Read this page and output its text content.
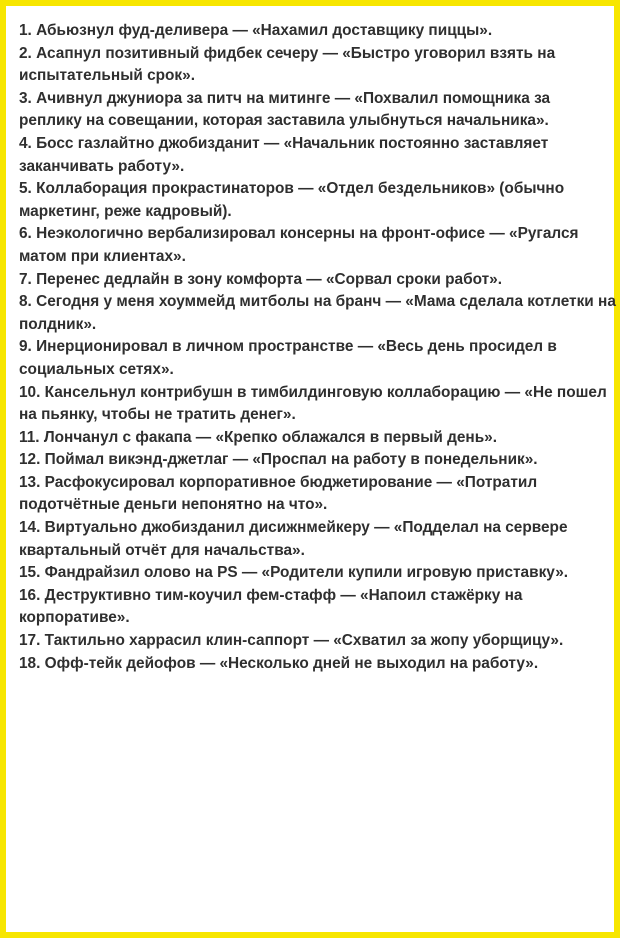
1. Абьюзнул фуд-деливера — «Нахамил доставщику пиццы».

2. Асапнул позитивный фидбек сечеру — «Быстро уговорил взять на испытательный срок».

3. Ачивнул джуниора за питч на митинге — «Похвалил помощника за реплику на совещании, которая заставила улыбнуться начальника».

4. Босс газлайтно джобизданит — «Начальник постоянно заставляет заканчивать работу».

5. Коллаборация прокрастинаторов — «Отдел бездельников» (обычно маркетинг, реже кадровый).

6. Неэкологично вербализировал консерны на фронт-офисе — «Ругался матом при клиентах».

7. Перенес дедлайн в зону комфорта — «Сорвал сроки работ».

8. Сегодня у меня хоуммейд митболы на бранч — «Мама сделала котлетки на полдник».

9. Инерционировал в личном пространстве — «Весь день просидел в социальных сетях».

10. Кансельнул контрибушн в тимбилдинговую коллаборацию — «Не пошел на пьянку, чтобы не тратить денег».

11. Лончанул с факапа — «Крепко облажался в первый день».

12. Поймал викэнд-джетлаг — «Проспал на работу в понедельник».

13. Расфокусировал корпоративное бюджетирование — «Потратил подотчётные деньги непонятно на что».

14. Виртуально джобизданил дисижнмейкеру — «Подделал на сервере квартальный отчёт для начальства».

15. Фандрайзил олово на PS — «Родители купили игровую приставку».

16. Деструктивно тим-коучил фем-стафф — «Напоил стажёрку на корпоративе».

17. Тактильно харрасил клин-саппорт — «Схватил за жопу уборщицу».

18. Офф-тейк дейофов — «Несколько дней не выходил на работу».
